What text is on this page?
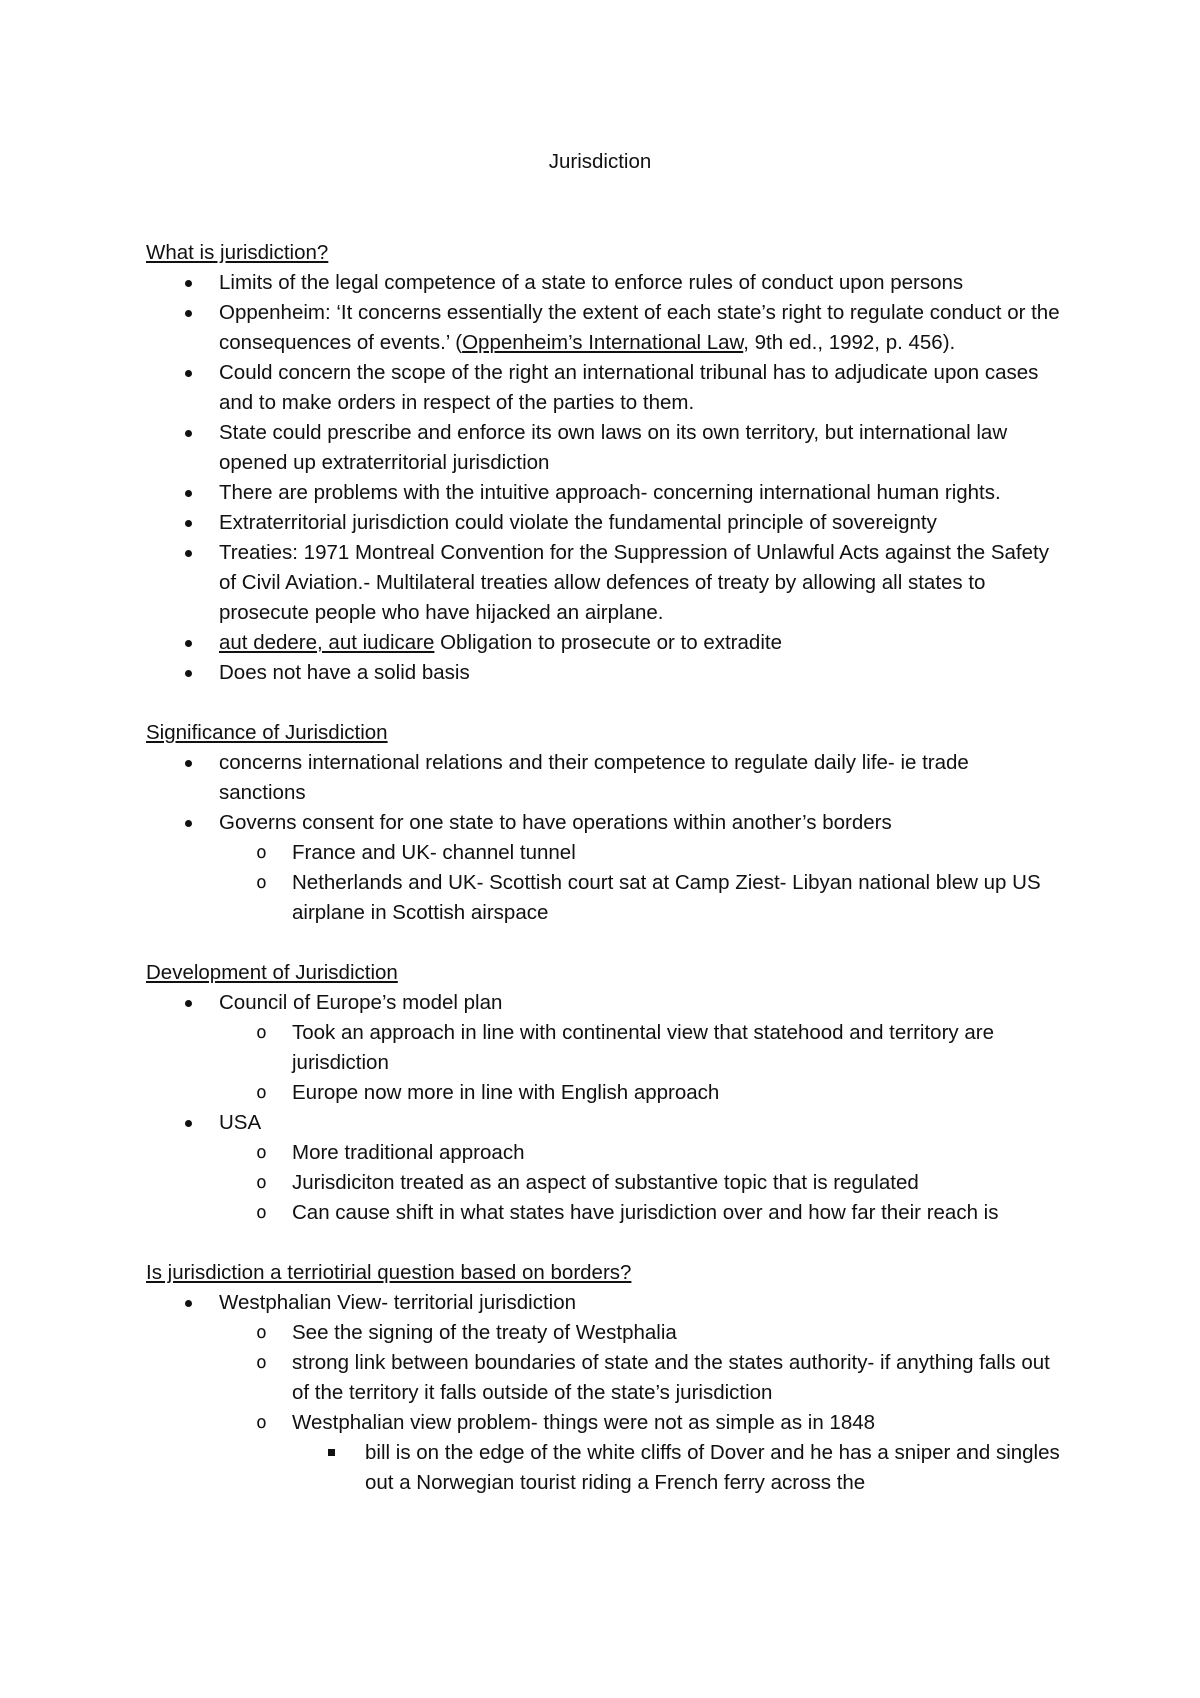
Jurisdiction
What is jurisdiction?
Limits of the legal competence of a state to enforce rules of conduct upon persons
Oppenheim: ‘It concerns essentially the extent of each state’s right to regulate conduct or the consequences of events.’ (Oppenheim’s International Law, 9th ed., 1992, p. 456).
Could concern the scope of the right an international tribunal has to adjudicate upon cases and to make orders in respect of the parties to them.
State could prescribe and enforce its own laws on its own territory, but international law opened up extraterritorial jurisdiction
There are problems with the intuitive approach- concerning international human rights.
Extraterritorial jurisdiction could violate the fundamental principle of sovereignty
Treaties: 1971 Montreal Convention for the Suppression of Unlawful Acts against the Safety of Civil Aviation.- Multilateral treaties allow defences of treaty by allowing all states to prosecute people who have hijacked an airplane.
aut dedere, aut iudicare Obligation to prosecute or to extradite
Does not have a solid basis
Significance of Jurisdiction
concerns international relations and their competence to regulate daily life- ie trade sanctions
Governs consent for one state to have operations within another’s borders
o France and UK- channel tunnel
o Netherlands and UK- Scottish court sat at Camp Ziest- Libyan national blew up US airplane in Scottish airspace
Development of Jurisdiction
Council of Europe’s model plan
o Took an approach in line with continental view that statehood and territory are jurisdiction
o Europe now more in line with English approach
USA
o More traditional approach
o Jurisdiciton treated as an aspect of substantive topic that is regulated
o Can cause shift in what states have jurisdiction over and how far their reach is
Is jurisdiction a terriotirial question based on borders?
Westphalian View- territorial jurisdiction
o See the signing of the treaty of Westphalia
o strong link between boundaries of state and the states authority- if anything falls out of the territory it falls outside of the state’s jurisdiction
o Westphalian view problem- things were not as simple as in 1848
bill is on the edge of the white cliffs of Dover and he has a sniper and singles out a Norwegian tourist riding a French ferry across the
